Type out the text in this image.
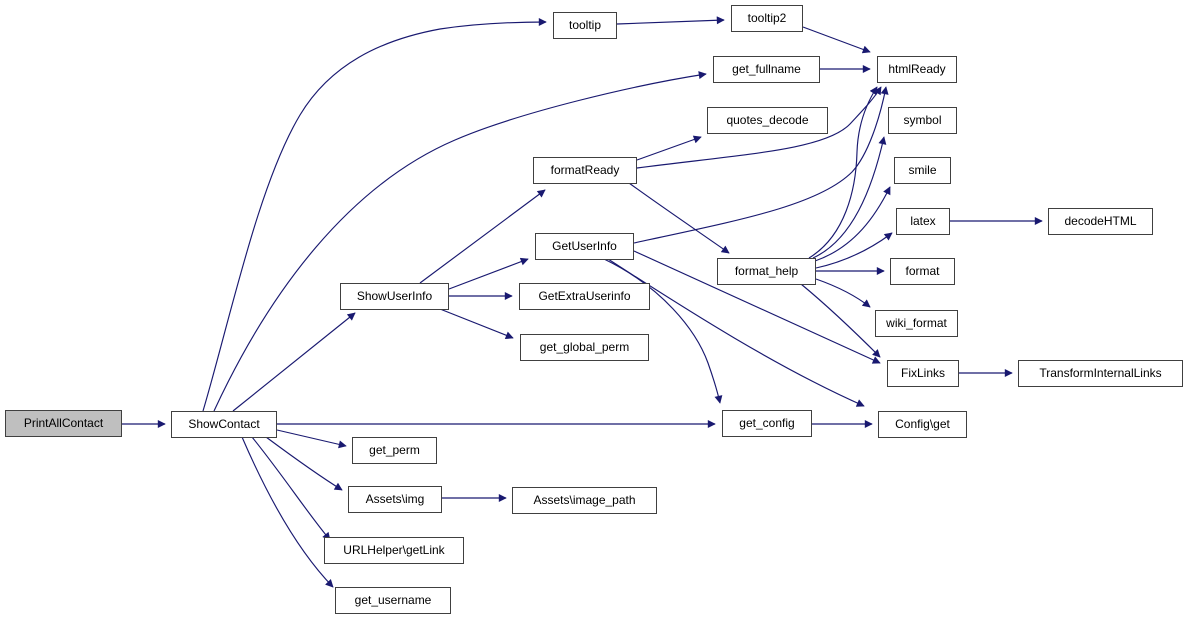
PrintAllContact	ShowContact
tooltip	tooltip2
get_fullname	htmlReady
quotes_decode	symbol
formatReady	smile
latex	decodeHTML
GetUserInfo
format_help	format
ShowUserInfo	GetExtraUserinfo
wiki_format
get_global_perm
FixLinks	TransformInternalLinks
get_config	Config\get
get_perm
Assets\img	Assets\image_path
URLHelper\getLink
get_username
